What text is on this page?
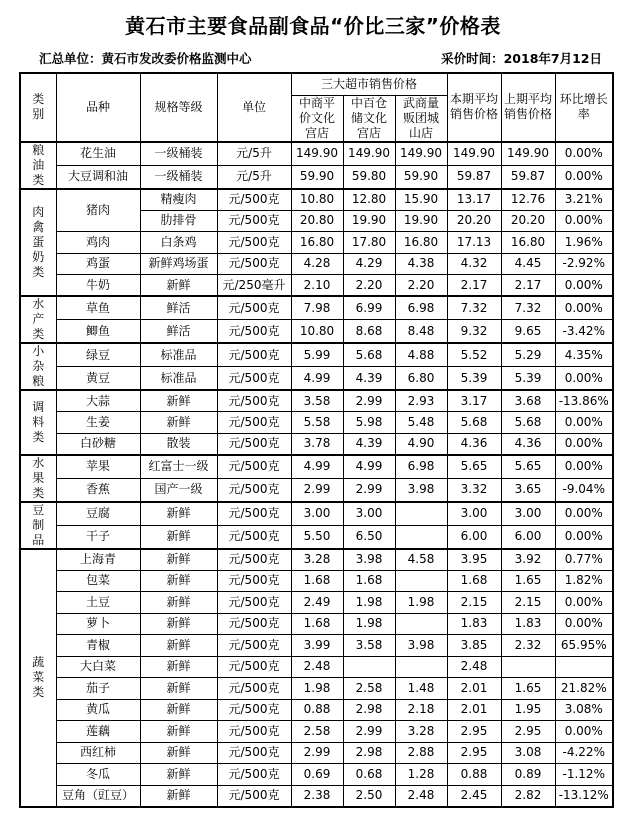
黄石市主要食品副食品“价比三家”价格表
汇总单位：黄石市发改委价格监测中心	采价时间：2018年7月12日
类别	品种	规格等级	单位	三大超市销售价格			本期平均销售价格	上期平均销售价格	环比增长率
				中商平价文化宫店	中百仓储文化宫店	武商量贩团城山店			
粮油类	花生油	一级桶装	元/5升	149.90	149.90	149.90	149.90	149.90	0.00%
	大豆调和油	一级桶装	元/5升	59.90	59.80	59.90	59.87	59.87	0.00%
肉禽蛋奶类	猪肉	精瘦肉	元/500克	10.80	12.80	15.90	13.17	12.76	3.21%
		肋排骨	元/500克	20.80	19.90	19.90	20.20	20.20	0.00%
	鸡肉	白条鸡	元/500克	16.80	17.80	16.80	17.13	16.80	1.96%
	鸡蛋	新鲜鸡场蛋	元/500克	4.28	4.29	4.38	4.32	4.45	-2.92%
	牛奶	新鲜	元/250毫升	2.10	2.20	2.20	2.17	2.17	0.00%
水产类	草鱼	鲜活	元/500克	7.98	6.99	6.98	7.32	7.32	0.00%
	鲫鱼	鲜活	元/500克	10.80	8.68	8.48	9.32	9.65	-3.42%
小杂粮	绿豆	标准品	元/500克	5.99	5.68	4.88	5.52	5.29	4.35%
	黄豆	标准品	元/500克	4.99	4.39	6.80	5.39	5.39	0.00%
调料类	大蒜	新鲜	元/500克	3.58	2.99	2.93	3.17	3.68	-13.86%
	生姜	新鲜	元/500克	5.58	5.98	5.48	5.68	5.68	0.00%
	白砂糖	散装	元/500克	3.78	4.39	4.90	4.36	4.36	0.00%
水果类	苹果	红富士一级	元/500克	4.99	4.99	6.98	5.65	5.65	0.00%
	香蕉	国产一级	元/500克	2.99	2.99	3.98	3.32	3.65	-9.04%
豆制品	豆腐	新鲜	元/500克	3.00	3.00		3.00	3.00	0.00%
	干子	新鲜	元/500克	5.50	6.50		6.00	6.00	0.00%
蔬菜类	上海青	新鲜	元/500克	3.28	3.98	4.58	3.95	3.92	0.77%
	包菜	新鲜	元/500克	1.68	1.68		1.68	1.65	1.82%
	土豆	新鲜	元/500克	2.49	1.98	1.98	2.15	2.15	0.00%
	萝卜	新鲜	元/500克	1.68	1.98		1.83	1.83	0.00%
	青椒	新鲜	元/500克	3.99	3.58	3.98	3.85	2.32	65.95%
	大白菜	新鲜	元/500克	2.48			2.48		
	茄子	新鲜	元/500克	1.98	2.58	1.48	2.01	1.65	21.82%
	黄瓜	新鲜	元/500克	0.88	2.98	2.18	2.01	1.95	3.08%
	莲藕	新鲜	元/500克	2.58	2.99	3.28	2.95	2.95	0.00%
	西红柿	新鲜	元/500克	2.99	2.98	2.88	2.95	3.08	-4.22%
	冬瓜	新鲜	元/500克	0.69	0.68	1.28	0.88	0.89	-1.12%
	豆角（豇豆）	新鲜	元/500克	2.38	2.50	2.48	2.45	2.82	-13.12%
